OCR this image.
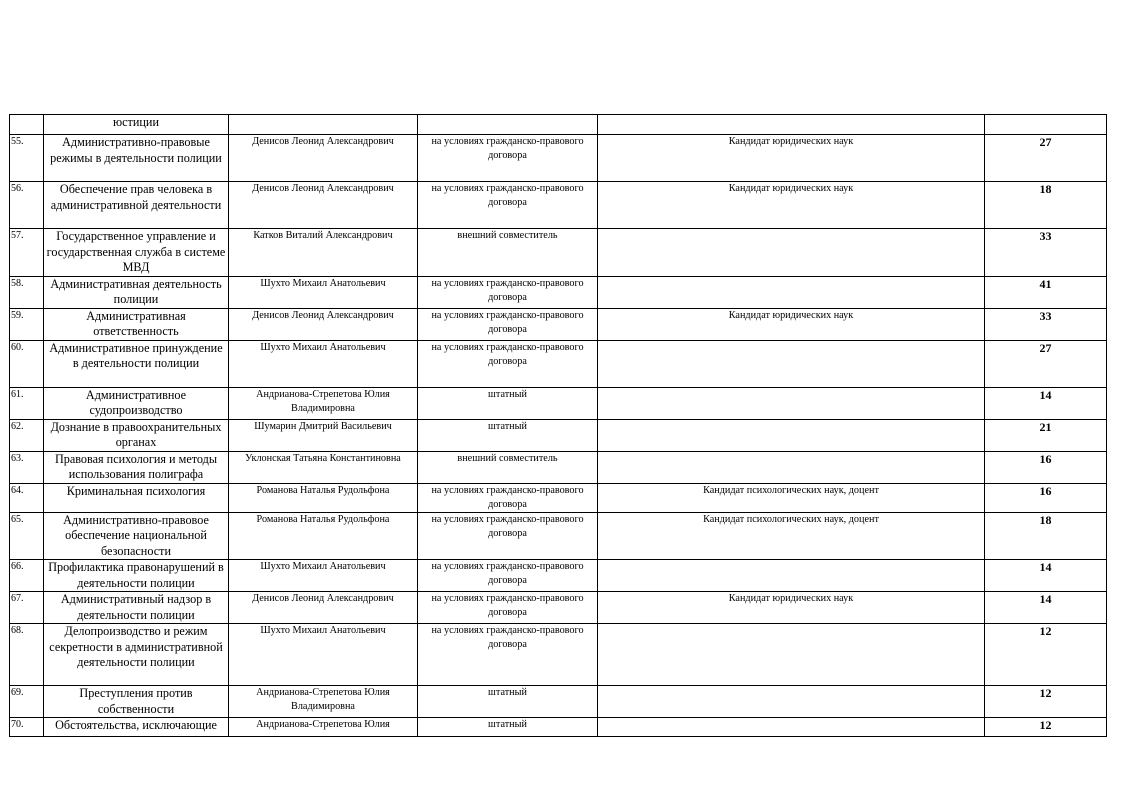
	юстиции				
55.	Административно-правовые режимы в деятельности полиции	Денисов Леонид Александрович	на условиях гражданско-правового договора	Кандидат юридических наук	27
56.	Обеспечение прав человека в административной деятельности	Денисов Леонид Александрович	на условиях гражданско-правового договора	Кандидат юридических наук	18
57.	Государственное управление и государственная служба в системе МВД	Катков Виталий Александрович	внешний совместитель		33
58.	Административная деятельность полиции	Шухто Михаил Анатольевич	на условиях гражданско-правового договора		41
59.	Административная ответственность	Денисов Леонид Александрович	на условиях гражданско-правового договора	Кандидат юридических наук	33
60.	Административное принуждение в деятельности полиции	Шухто Михаил Анатольевич	на условиях гражданско-правового договора		27
61.	Административное судопроизводство	Андрианова-Стрепетова Юлия Владимировна	штатный		14
62.	Дознание в правоохранительных органах	Шумарин Дмитрий Васильевич	штатный		21
63.	Правовая психология и методы использования полиграфа	Уклонская Татьяна Константиновна	внешний совместитель		16
64.	Криминальная психология	Романова Наталья Рудольфона	на условиях гражданско-правового договора	Кандидат психологических наук, доцент	16
65.	Административно-правовое обеспечение национальной безопасности	Романова Наталья Рудольфона	на условиях гражданско-правового договора	Кандидат психологических наук, доцент	18
66.	Профилактика правонарушений в деятельности полиции	Шухто Михаил Анатольевич	на условиях гражданско-правового договора		14
67.	Административный надзор в деятельности полиции	Денисов Леонид Александрович	на условиях гражданско-правового договора	Кандидат юридических наук	14
68.	Делопроизводство и режим секретности в административной деятельности полиции	Шухто Михаил Анатольевич	на условиях гражданско-правового договора		12
69.	Преступления против собственности	Андрианова-Стрепетова Юлия Владимировна	штатный		12
70.	Обстоятельства, исключающие	Андрианова-Стрепетова Юлия	штатный		12
